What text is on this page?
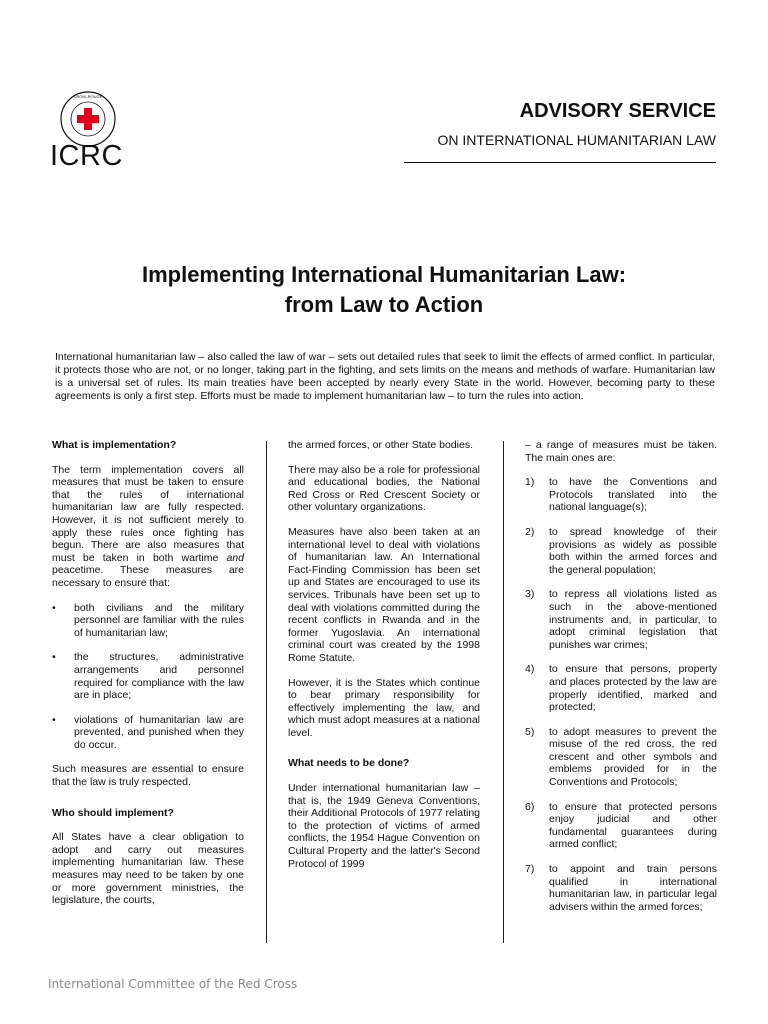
CROIX-ROUGE
ICRC
ADVISORY SERVICE
ON INTERNATIONAL HUMANITARIAN LAW
Implementing International Humanitarian Law:
from Law to Action
International humanitarian law – also called the law of war – sets out detailed rules that seek to limit the effects of armed conflict. In particular, it protects those who are not, or no longer, taking part in the fighting, and sets limits on the means and methods of warfare. Humanitarian law is a universal set of rules. Its main treaties have been accepted by nearly every State in the world. However, becoming party to these agreements is only a first step. Efforts must be made to implement humanitarian law – to turn the rules into action.
What is implementation?

The term implementation covers all measures that must be taken to ensure that the rules of international humanitarian law are fully respected. However, it is not sufficient merely to apply these rules once fighting has begun. There are also measures that must be taken in both wartime and peacetime. These measures are necessary to ensure that:

•	both civilians and the military personnel are familiar with the rules of humanitarian law;
•	the structures, administrative arrangements and personnel required for compliance with the law are in place;
•	violations of humanitarian law are prevented, and punished when they do occur.

Such measures are essential to ensure that the law is truly respected.

Who should implement?

All States have a clear obligation to adopt and carry out measures implementing humanitarian law. These measures may need to be taken by one or more government ministries, the legislature, the courts,

the armed forces, or other State bodies.

There may also be a role for professional and educational bodies, the National Red Cross or Red Crescent Society or other voluntary organizations.

Measures have also been taken at an international level to deal with violations of humanitarian law. An International Fact-Finding Commission has been set up and States are encouraged to use its services. Tribunals have been set up to deal with violations committed during the recent conflicts in Rwanda and in the former Yugoslavia. An international criminal court was created by the 1998 Rome Statute.

However, it is the States which continue to bear primary responsibility for effectively implementing the law, and which must adopt measures at a national level.

What needs to be done?

Under international humanitarian law – that is, the 1949 Geneva Conventions, their Additional Protocols of 1977 relating to the protection of victims of armed conflicts, the 1954 Hague Convention on Cultural Property and the latter's Second Protocol of 1999

– a range of measures must be taken. The main ones are:

1)	to have the Conventions and Protocols translated into the national language(s);
2)	to spread knowledge of their provisions as widely as possible both within the armed forces and the general population;
3)	to repress all violations listed as such in the above-mentioned instruments and, in particular, to adopt criminal legislation that punishes war crimes;
4)	to ensure that persons, property and places protected by the law are properly identified, marked and protected;
5)	to adopt measures to prevent the misuse of the red cross, the red crescent and other symbols and emblems provided for in the Conventions and Protocols;
6)	to ensure that protected persons enjoy judicial and other fundamental guarantees during armed conflict;
7)	to appoint and train persons qualified in international humanitarian law, in particular legal advisers within the armed forces;
International Committee of the Red Cross
